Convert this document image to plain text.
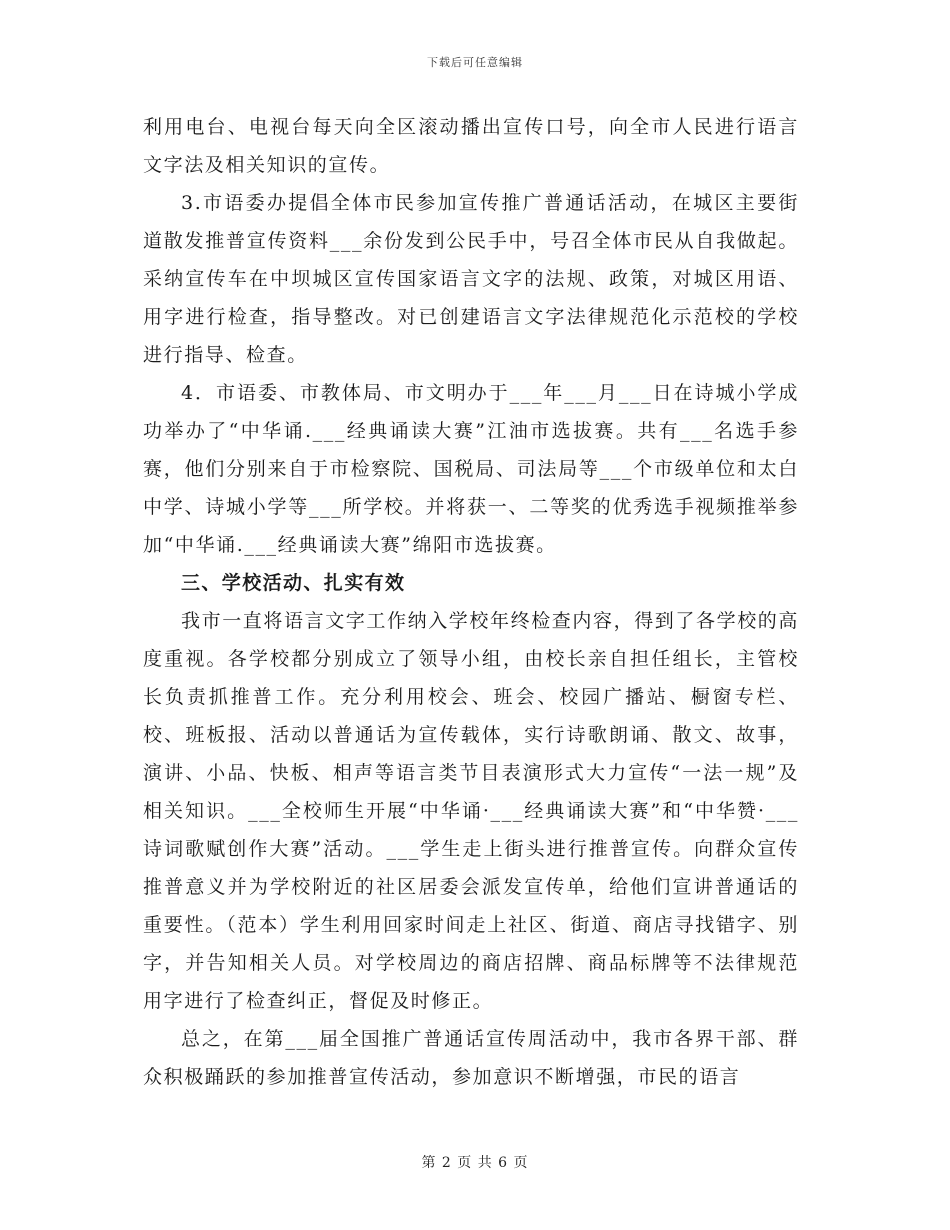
下载后可任意编辑

利用电台、电视台每天向全区滚动播出宣传口号，向全市人民进行语言文字法及相关知识的宣传。

3.市语委办提倡全体市民参加宣传推广普通话活动，在城区主要街道散发推普宣传资料___余份发到公民手中，号召全体市民从自我做起。采纳宣传车在中坝城区宣传国家语言文字的法规、政策，对城区用语、用字进行检查，指导整改。对已创建语言文字法律规范化示范校的学校进行指导、检查。

4．市语委、市教体局、市文明办于___年___月___日在诗城小学成功举办了“中华诵.___经典诵读大赛”江油市选拔赛。共有___名选手参赛，他们分别来自于市检察院、国税局、司法局等___个市级单位和太白中学、诗城小学等___所学校。并将获一、二等奖的优秀选手视频推举参加“中华诵.___经典诵读大赛”绵阳市选拔赛。

三、学校活动、扎实有效

我市一直将语言文字工作纳入学校年终检查内容，得到了各学校的高度重视。各学校都分别成立了领导小组，由校长亲自担任组长，主管校长负责抓推普工作。充分利用校会、班会、校园广播站、橱窗专栏、校、班板报、活动以普通话为宣传载体，实行诗歌朗诵、散文、故事，演讲、小品、快板、相声等语言类节目表演形式大力宣传“一法一规”及相关知识。___全校师生开展“中华诵·___经典诵读大赛”和“中华赞·___诗词歌赋创作大赛”活动。___学生走上街头进行推普宣传。向群众宣传推普意义并为学校附近的社区居委会派发宣传单，给他们宣讲普通话的重要性。（范本）学生利用回家时间走上社区、街道、商店寻找错字、别字，并告知相关人员。对学校周边的商店招牌、商品标牌等不法律规范用字进行了检查纠正，督促及时修正。

总之，在第___届全国推广普通话宣传周活动中，我市各界干部、群众积极踊跃的参加推普宣传活动，参加意识不断增强，市民的语言

第 2 页 共 6 页
